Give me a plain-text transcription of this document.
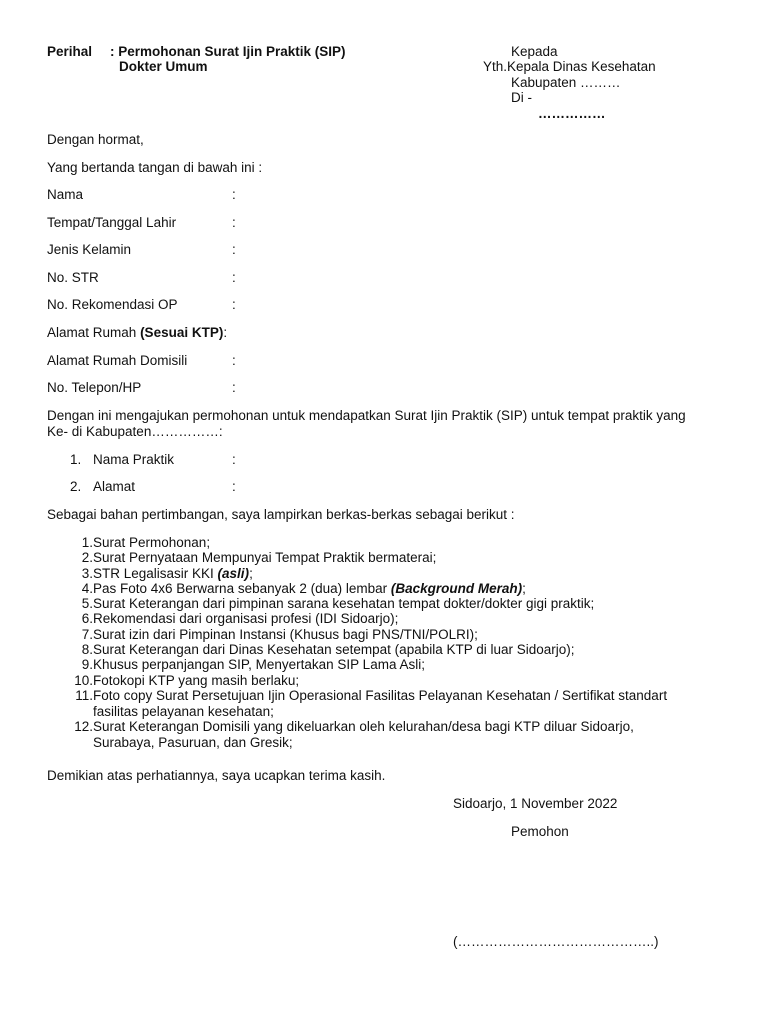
Perihal : Permohonan Surat Ijin Praktik (SIP)
Dokter Umum
Kepada
Yth.Kepala Dinas Kesehatan
Kabupaten ………
Di -
……………
Dengan hormat,
Yang bertanda tangan di bawah ini :
Nama	:
Tempat/Tanggal Lahir	:
Jenis Kelamin	:
No. STR	:
No. Rekomendasi OP	:
Alamat Rumah (Sesuai KTP):
Alamat Rumah Domisili	:
No. Telepon/HP	:
Dengan ini mengajukan permohonan untuk mendapatkan Surat Ijin Praktik (SIP) untuk tempat praktik yang
Ke- di Kabupaten……………:
1. Nama Praktik	:
2. Alamat	:
Sebagai bahan pertimbangan, saya lampirkan berkas-berkas sebagai berikut :
1. Surat Permohonan;
2. Surat Pernyataan Mempunyai Tempat Praktik bermaterai;
3. STR Legalisasir KKI (asli);
4. Pas Foto 4x6 Berwarna sebanyak 2 (dua) lembar (Background Merah);
5. Surat Keterangan dari pimpinan sarana kesehatan tempat dokter/dokter gigi praktik;
6. Rekomendasi dari organisasi profesi (IDI Sidoarjo);
7. Surat izin dari Pimpinan Instansi (Khusus bagi PNS/TNI/POLRI);
8. Surat Keterangan dari Dinas Kesehatan setempat (apabila KTP di luar Sidoarjo);
9. Khusus perpanjangan SIP, Menyertakan SIP Lama Asli;
10. Fotokopi KTP yang masih berlaku;
11. Foto copy Surat Persetujuan Ijin Operasional Fasilitas Pelayanan Kesehatan / Sertifikat standart
fasilitas pelayanan kesehatan;
12. Surat Keterangan Domisili yang dikeluarkan oleh kelurahan/desa bagi KTP diluar Sidoarjo,
Surabaya, Pasuruan, dan Gresik;
Demikian atas perhatiannya, saya ucapkan terima kasih.
Sidoarjo, 1 November 2022
Pemohon
(……………………………………..)
